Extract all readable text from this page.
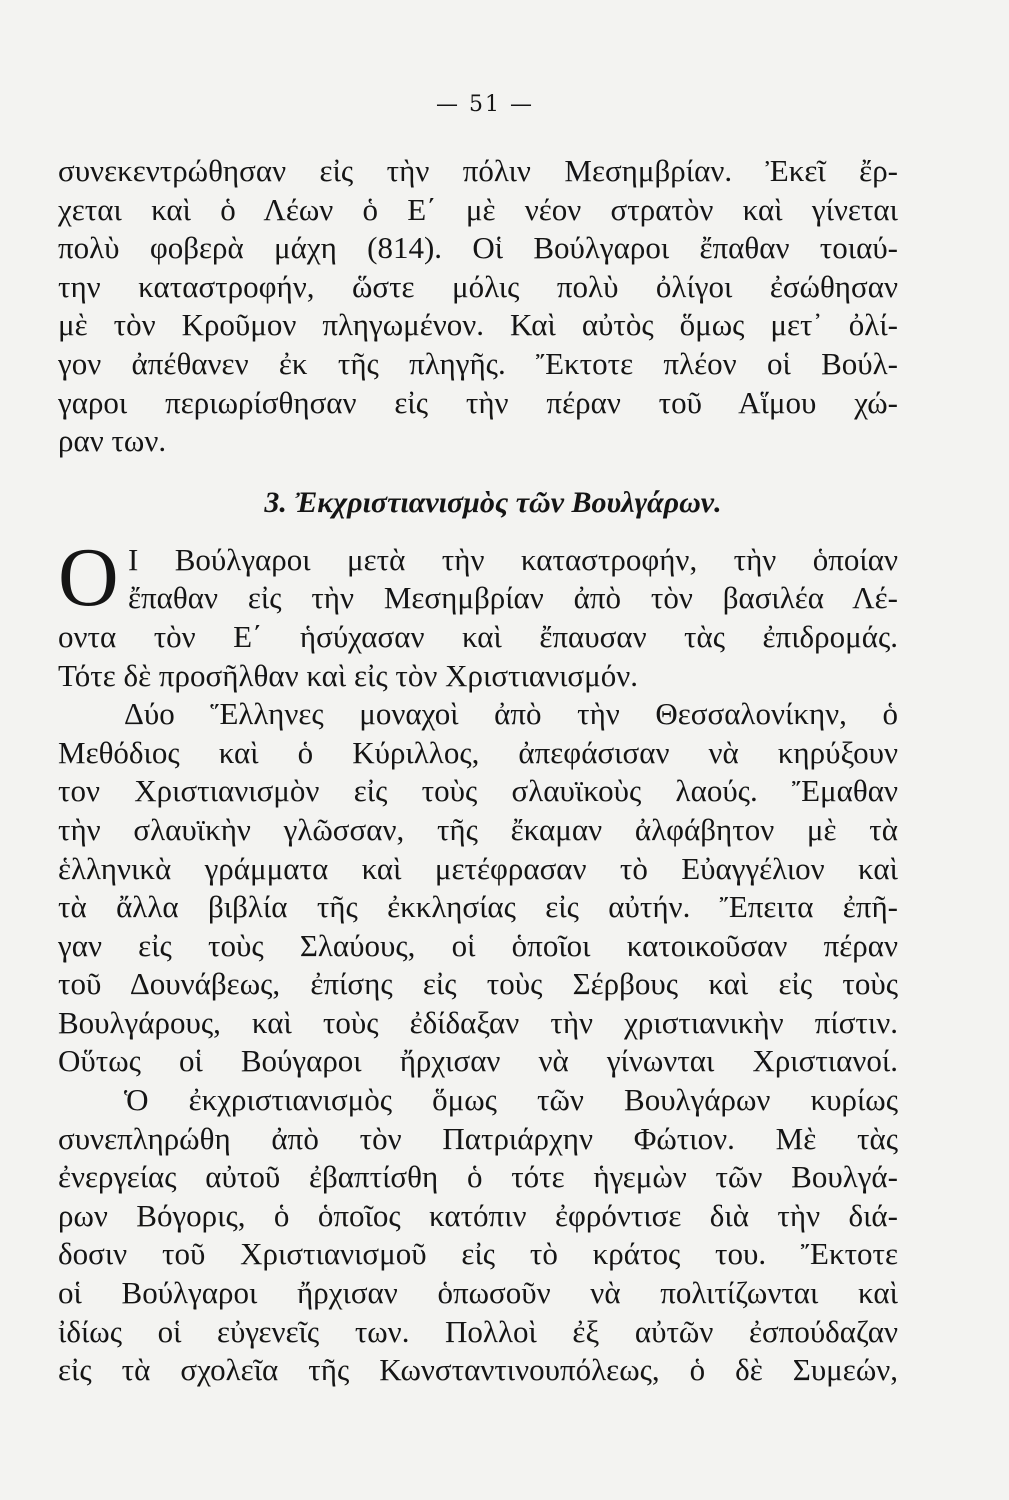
— 51 —
συνεκεντρώθησαν εἰς τὴν πόλιν Μεσημβρίαν. Ἐκεῖ ἔρ-
χεται καὶ ὁ Λέων ὁ Ε΄ μὲ νέον στρατὸν καὶ γίνεται
πολὺ φοβερὰ μάχη (814). Οἱ Βούλγαροι ἔπαθαν τοιαύ-
την καταστροφήν, ὥστε μόλις πολὺ ὀλίγοι ἐσώθησαν
μὲ τὸν Κροῦμον πληγωμένον. Καὶ αὐτὸς ὅμως μετ᾽ ὀλί-
γον ἀπέθανεν ἐκ τῆς πληγῆς. Ἔκτοτε πλέον οἱ Βούλ-
γαροι περιωρίσθησαν εἰς τὴν πέραν τοῦ Αἵμου χώ-
ραν των.
3. Ἐκχριστιανισμὸς τῶν Βουλγάρων.
O Ι Βούλγαροι μετὰ τὴν καταστροφήν, τὴν ὁποίαν
ἔπαθαν εἰς τὴν Μεσημβρίαν ἀπὸ τὸν βασιλέα Λέ-
οντα τὸν Ε΄ ἡσύχασαν καὶ ἔπαυσαν τὰς ἐπιδρομάς.
Τότε δὲ προσῆλθαν καὶ εἰς τὸν Χριστιανισμόν.
Δύο Ἕλληνες μοναχοὶ ἀπὸ τὴν Θεσσαλονίκην, ὁ
Μεθόδιος καὶ ὁ Κύριλλος, ἀπεφάσισαν νὰ κηρύξουν
τον Χριστιανισμὸν εἰς τοὺς σλαυϊκοὺς λαούς. Ἔμαθαν
τὴν σλαυϊκὴν γλῶσσαν, τῆς ἔκαμαν ἀλφάβητον μὲ τὰ
ἑλληνικὰ γράμματα καὶ μετέφρασαν τὸ Εὐαγγέλιον καὶ
τὰ ἄλλα βιβλία τῆς ἐκκλησίας εἰς αὐτήν. Ἔπειτα ἐπῆ-
γαν εἰς τοὺς Σλαύους, οἱ ὁποῖοι κατοικοῦσαν πέραν
τοῦ Δουνάβεως, ἐπίσης εἰς τοὺς Σέρβους καὶ εἰς τοὺς
Βουλγάρους, καὶ τοὺς ἐδίδαξαν τὴν χριστιανικὴν πίστιν.
Οὕτως οἱ Βούγαροι ἤρχισαν νὰ γίνωνται Χριστιανοί.
Ὁ ἐκχριστιανισμὸς ὅμως τῶν Βουλγάρων κυρίως
συνεπληρώθη ἀπὸ τὸν Πατριάρχην Φώτιον. Μὲ τὰς
ἐνεργείας αὐτοῦ ἐβαπτίσθη ὁ τότε ἡγεμὼν τῶν Βουλγά-
ρων Βόγορις, ὁ ὁποῖος κατόπιν ἐφρόντισε διὰ τὴν διά-
δοσιν τοῦ Χριστιανισμοῦ εἰς τὸ κράτος του. Ἔκτοτε
οἱ Βούλγαροι ἤρχισαν ὁπωσοῦν νὰ πολιτίζωνται καὶ
ἰδίως οἱ εὐγενεῖς των. Πολλοὶ ἐξ αὐτῶν ἐσπούδαζαν
εἰς τὰ σχολεῖα τῆς Κωνσταντινουπόλεως, ὁ δὲ Συμεών,
